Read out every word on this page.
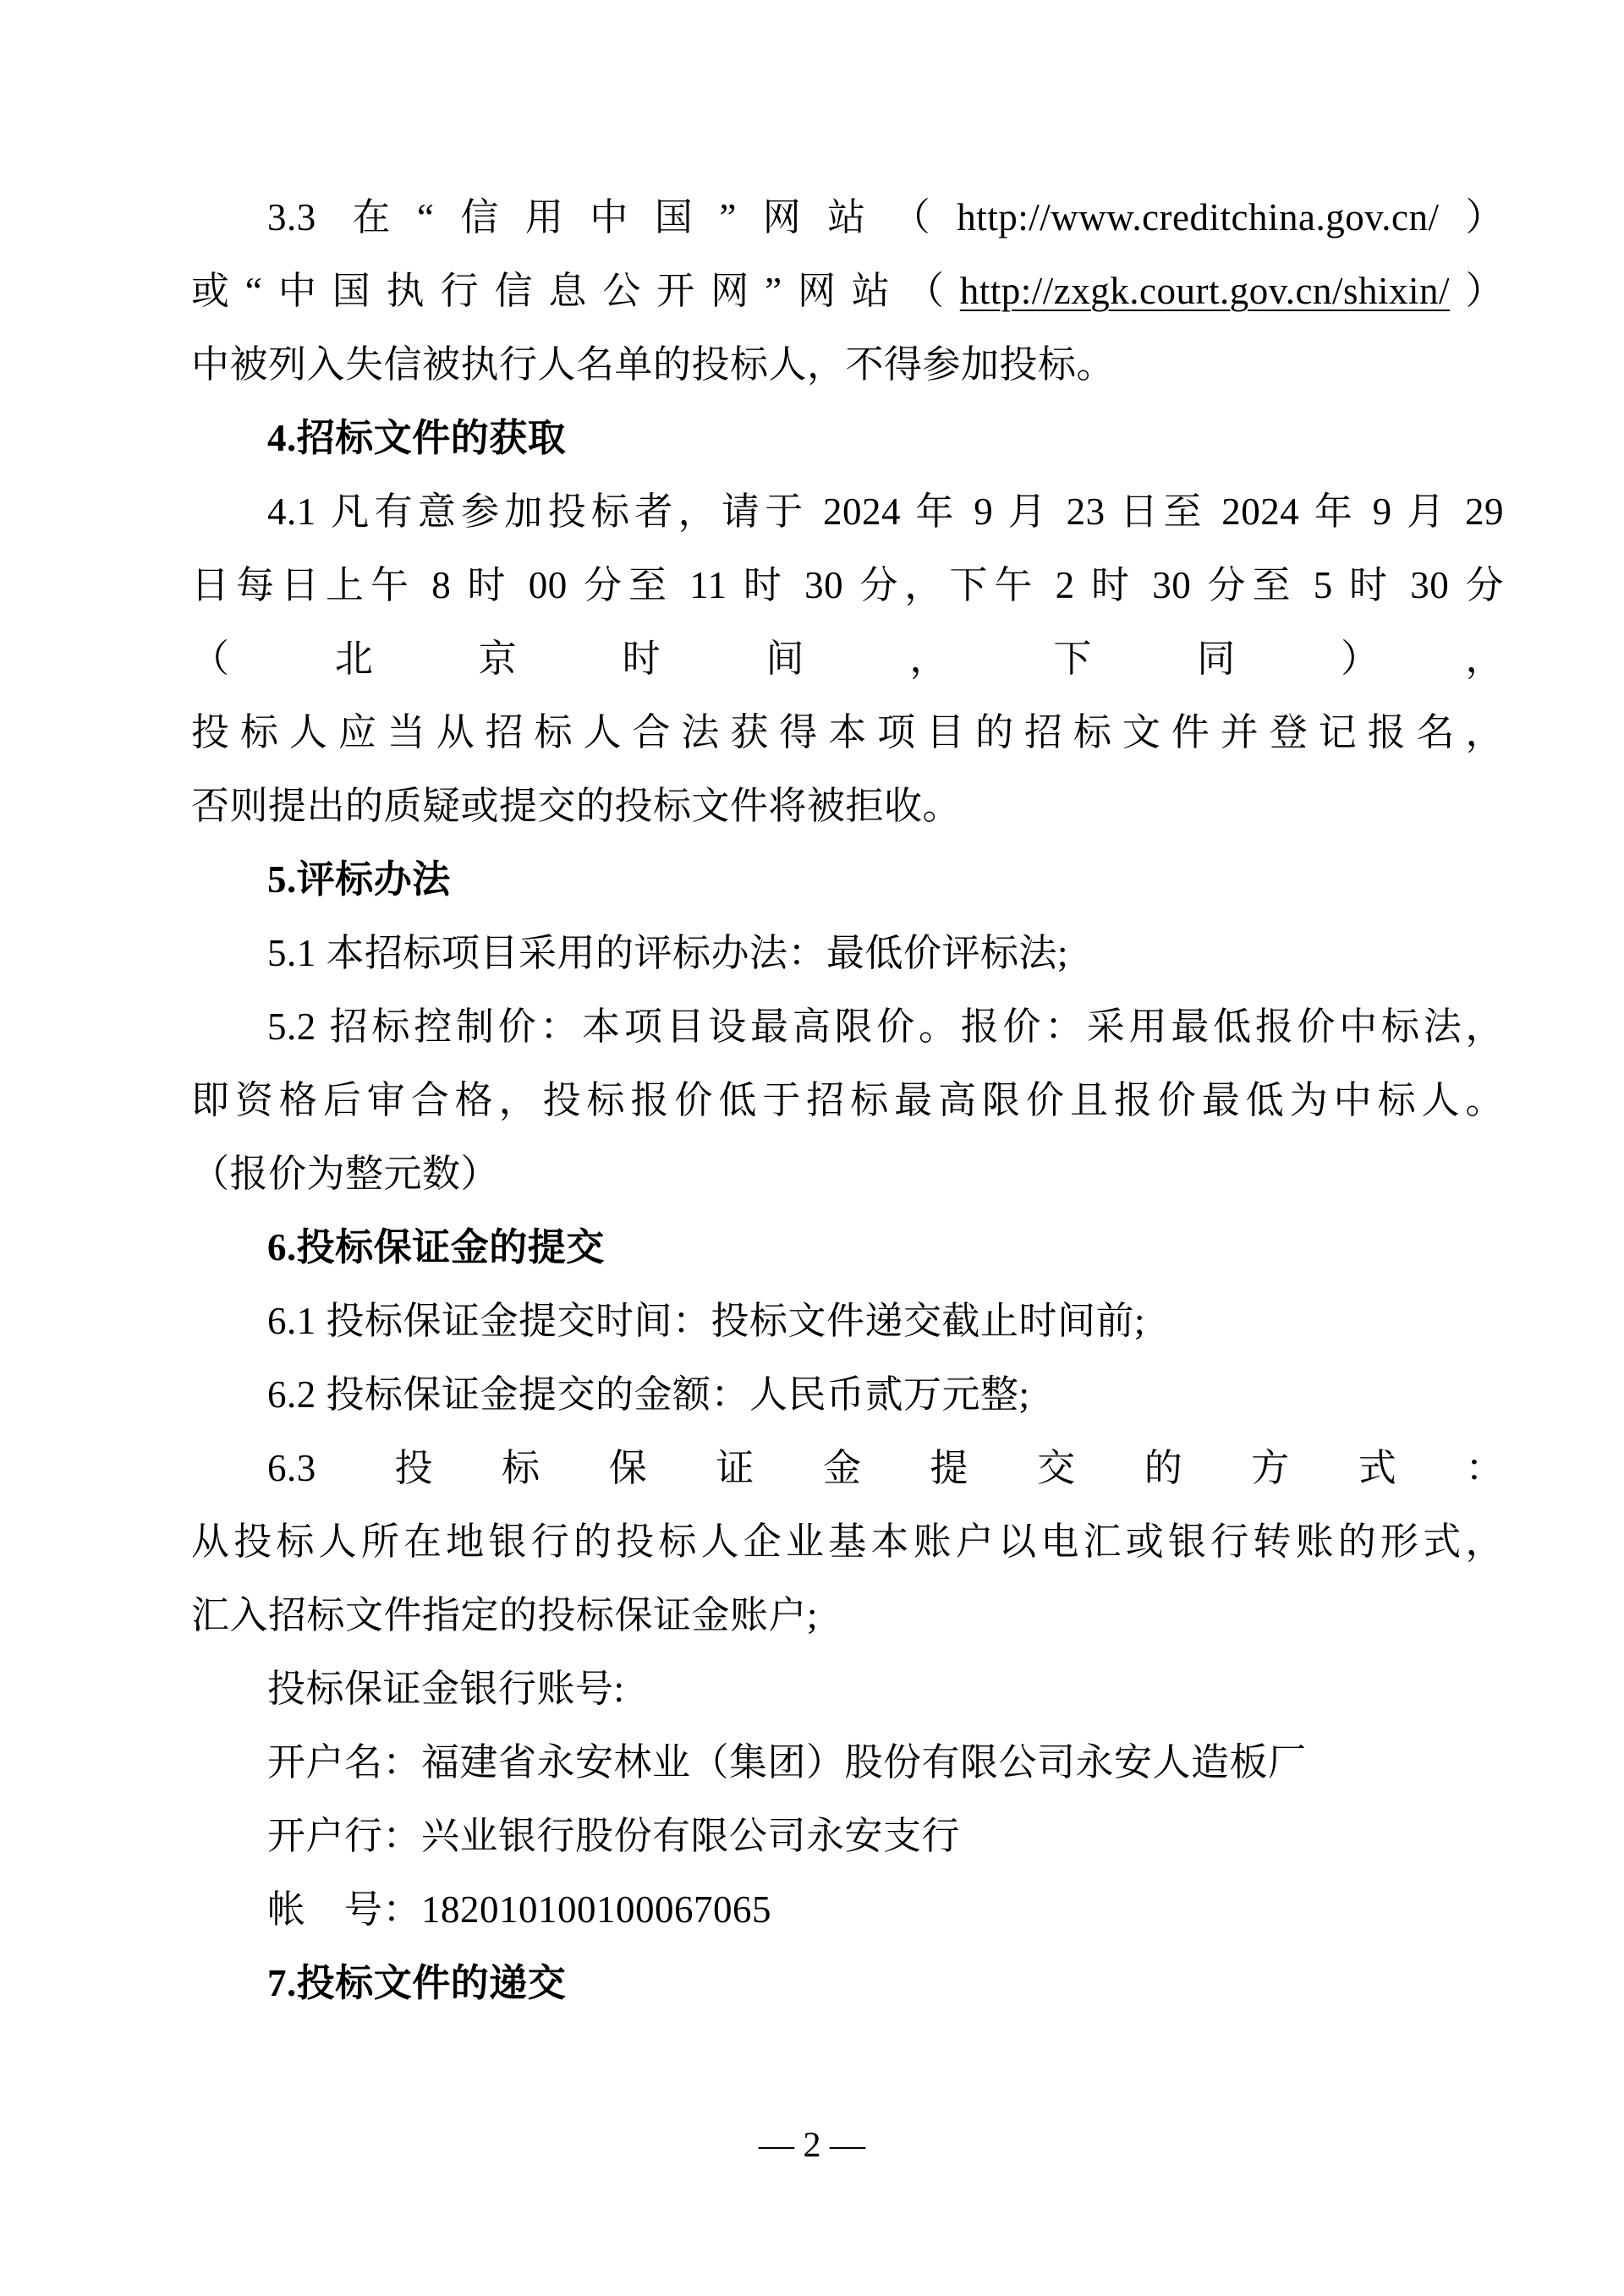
3.3 在“信用中国”网站（http://www.creditchina.gov.cn/）或“中国执行信息公开网”网站（http://zxgk.court.gov.cn/shixin/）中被列入失信被执行人名单的投标人，不得参加投标。

4.招标文件的获取

4.1 凡有意参加投标者，请于 2024 年 9 月 23 日至 2024 年 9 月 29 日每日上午 8 时 00 分至 11 时 30 分，下午 2 时 30 分至 5 时 30 分（北京时间，下同），投标人应当从招标人合法获得本项目的招标文件并登记报名，否则提出的质疑或提交的投标文件将被拒收。

5.评标办法

5.1 本招标项目采用的评标办法：最低价评标法;

5.2 招标控制价：本项目设最高限价。报价：采用最低报价中标法，即资格后审合格，投标报价低于招标最高限价且报价最低为中标人。（报价为整元数）

6.投标保证金的提交

6.1 投标保证金提交时间：投标文件递交截止时间前;

6.2 投标保证金提交的金额：人民币贰万元整;

6.3 投标保证金提交的方式：从投标人所在地银行的投标人企业基本账户以电汇或银行转账的形式，汇入招标文件指定的投标保证金账户;

投标保证金银行账号:

开户名：福建省永安林业（集团）股份有限公司永安人造板厂

开户行：兴业银行股份有限公司永安支行

帐　号：182010100100067065

7.投标文件的递交

— 2 —
